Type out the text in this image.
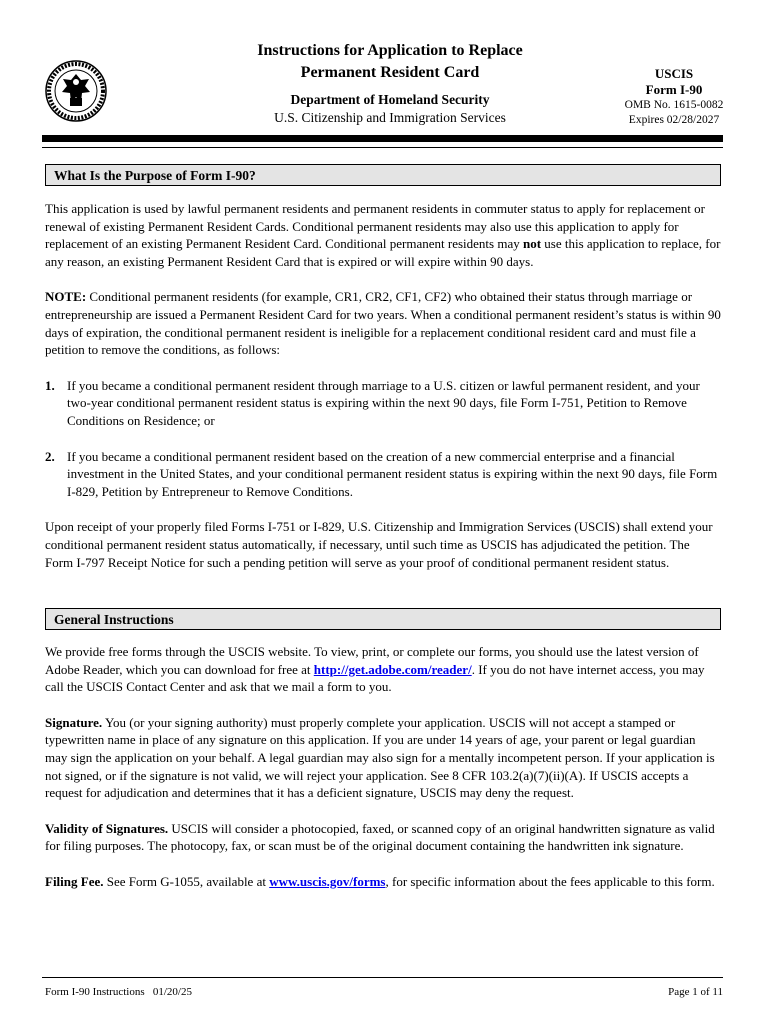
Instructions for Application to Replace
Permanent Resident Card
Department of Homeland Security
U.S. Citizenship and Immigration Services
USCIS
Form I-90
OMB No. 1615-0082
Expires 02/28/2027
What Is the Purpose of Form I-90?

This application is used by lawful permanent residents and permanent residents in commuter status to apply for replacement or renewal of existing Permanent Resident Cards. Conditional permanent residents may also use this application to apply for replacement of an existing Permanent Resident Card. Conditional permanent residents may not use this application to replace, for any reason, an existing Permanent Resident Card that is expired or will expire within 90 days.

NOTE: Conditional permanent residents (for example, CR1, CR2, CF1, CF2) who obtained their status through marriage or entrepreneurship are issued a Permanent Resident Card for two years. When a conditional permanent resident’s status is within 90 days of expiration, the conditional permanent resident is ineligible for a replacement conditional resident card and must file a petition to remove the conditions, as follows:

1. If you became a conditional permanent resident through marriage to a U.S. citizen or lawful permanent resident, and your two-year conditional permanent resident status is expiring within the next 90 days, file Form I-751, Petition to Remove Conditions on Residence; or
2. If you became a conditional permanent resident based on the creation of a new commercial enterprise and a financial investment in the United States, and your conditional permanent resident status is expiring within the next 90 days, file Form I-829, Petition by Entrepreneur to Remove Conditions.

Upon receipt of your properly filed Forms I-751 or I-829, U.S. Citizenship and Immigration Services (USCIS) shall extend your conditional permanent resident status automatically, if necessary, until such time as USCIS has adjudicated the petition. The Form I-797 Receipt Notice for such a pending petition will serve as your proof of conditional permanent resident status.

General Instructions

We provide free forms through the USCIS website. To view, print, or complete our forms, you should use the latest version of Adobe Reader, which you can download for free at http://get.adobe.com/reader/. If you do not have internet access, you may call the USCIS Contact Center and ask that we mail a form to you.

Signature. You (or your signing authority) must properly complete your application. USCIS will not accept a stamped or typewritten name in place of any signature on this application. If you are under 14 years of age, your parent or legal guardian may sign the application on your behalf. A legal guardian may also sign for a mentally incompetent person. If your application is not signed, or if the signature is not valid, we will reject your application. See 8 CFR 103.2(a)(7)(ii)(A). If USCIS accepts a request for adjudication and determines that it has a deficient signature, USCIS may deny the request.

Validity of Signatures. USCIS will consider a photocopied, faxed, or scanned copy of an original handwritten signature as valid for filing purposes. The photocopy, fax, or scan must be of the original document containing the handwritten ink signature.

Filing Fee. See Form G-1055, available at www.uscis.gov/forms, for specific information about the fees applicable to this form.

Form I-90 Instructions   01/20/25	Page 1 of 11
